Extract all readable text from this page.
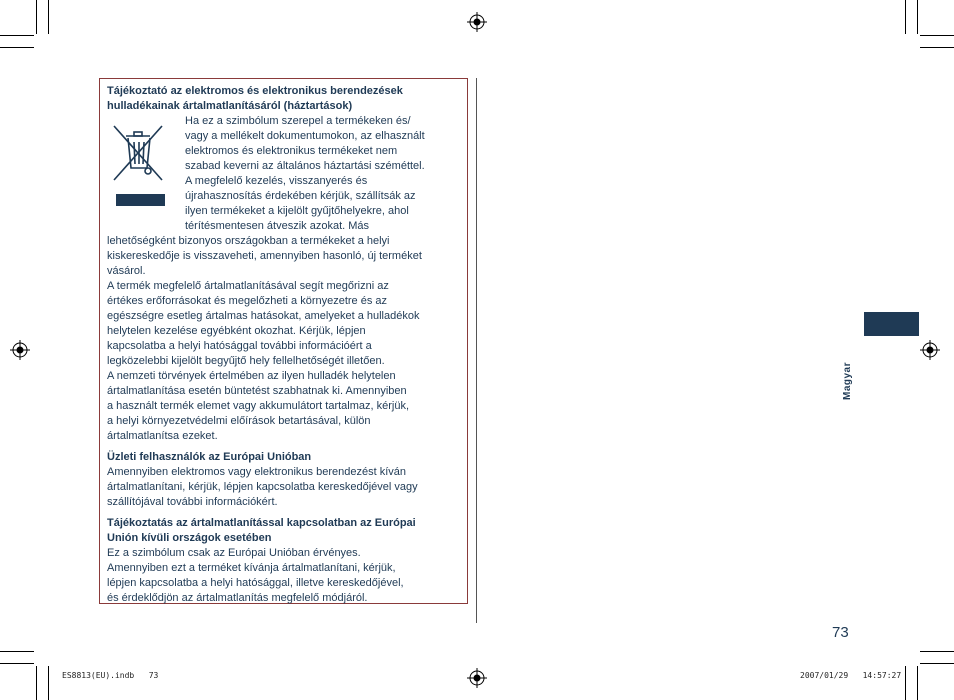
Tájékoztató az elektromos és elektronikus berendezések
hulladékainak ártalmatlanításáról (háztartások)
Ha ez a szimbólum szerepel a termékeken és/
vagy a mellékelt dokumentumokon, az elhasznált
elektromos és elektronikus termékeket nem
szabad keverni az általános háztartási széméttel.
A megfelelő kezelés, visszanyerés és
újrahasznosítás érdekében kérjük, szállítsák az
ilyen termékeket a kijelölt gyűjtőhelyekre, ahol
térítésmentesen átveszik azokat. Más
lehetőségként bizonyos országokban a termékeket a helyi
kiskereskedője is visszaveheti, amennyiben hasonló, új terméket
vásárol.
A termék megfelelő ártalmatlanításával segít megőrizni az
értékes erőforrásokat és megelőzheti a környezetre és az
egészségre esetleg ártalmas hatásokat, amelyeket a hulladékok
helytelen kezelése egyébként okozhat. Kérjük, lépjen
kapcsolatba a helyi hatósággal további információért a
legközelebbi kijelölt begyűjtő hely fellelhetőségét illetően.
A nemzeti törvények értelmében az ilyen hulladék helytelen
ártalmatlanítása esetén büntetést szabhatnak ki. Amennyiben
a használt termék elemet vagy akkumulátort tartalmaz, kérjük,
a helyi környezetvédelmi előírások betartásával, külön
ártalmatlanítsa ezeket.
Üzleti felhasználók az Európai Unióban
Amennyiben elektromos vagy elektronikus berendezést kíván
ártalmatlanítani, kérjük, lépjen kapcsolatba kereskedőjével vagy
szállítójával további információkért.
Tájékoztatás az ártalmatlanítással kapcsolatban az Európai
Unión kívüli országok esetében
Ez a szimbólum csak az Európai Unióban érvényes.
Amennyiben ezt a terméket kívánja ártalmatlanítani, kérjük,
lépjen kapcsolatba a helyi hatósággal, illetve kereskedőjével,
és érdeklődjön az ártalmatlanítás megfelelő módjáról.
Magyar
73
ES8813(EU).indb   73	2007/01/29   14:57:27
